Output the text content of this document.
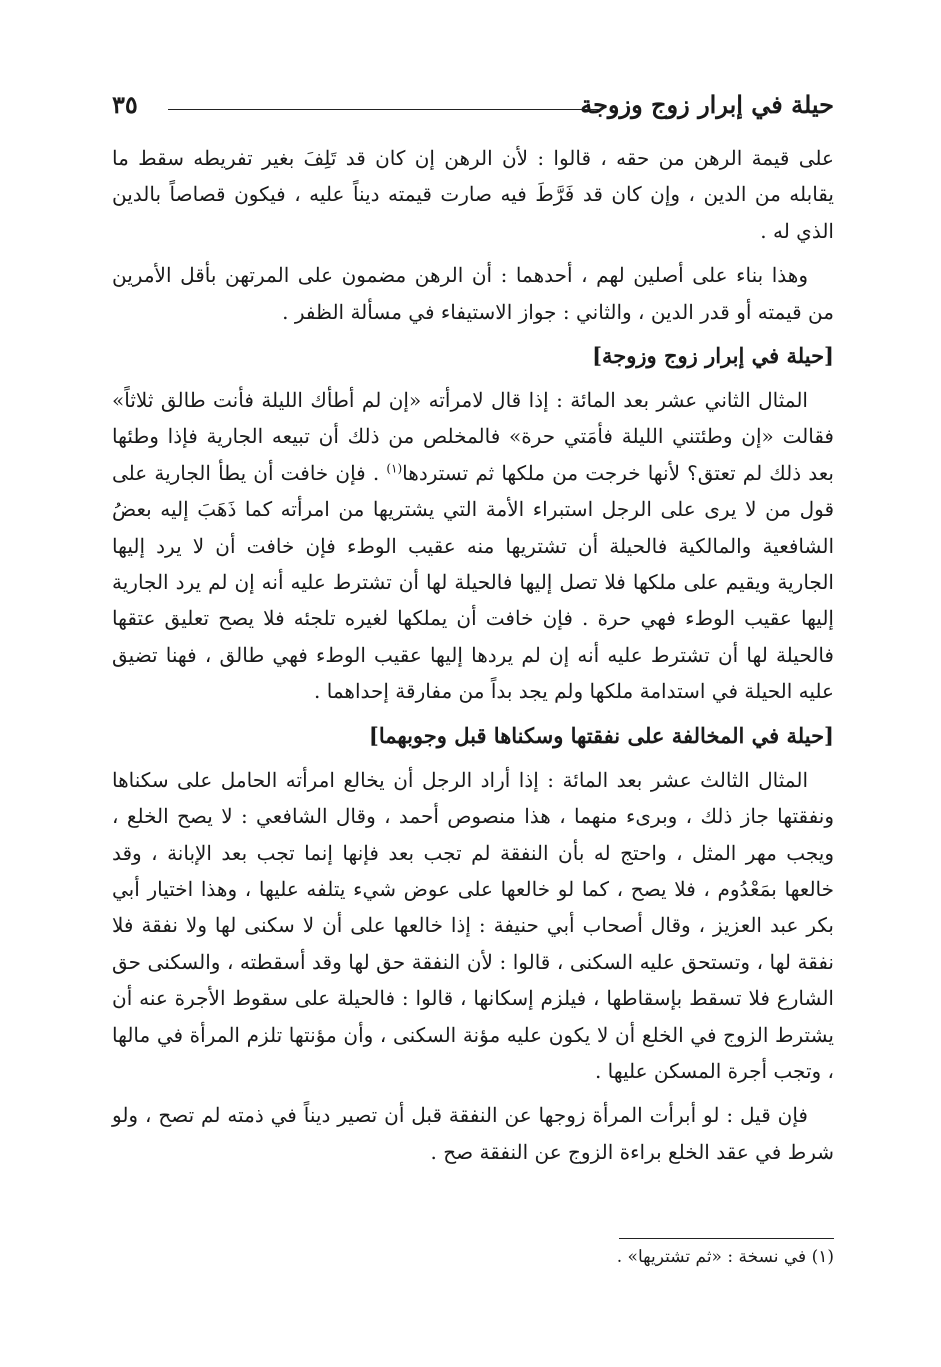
حيلة في إبرار زوج وزوجة
٣٥

على قيمة الرهن من حقه ، قالوا : لأن الرهن إن كان قد تَلِفَ بغير تفريطه سقط ما يقابله من الدين ، وإن كان قد فَرَّطَ فيه صارت قيمته ديناً عليه ، فيكون قصاصاً بالدين الذي له .

وهذا بناء على أصلين لهم ، أحدهما : أن الرهن مضمون على المرتهن بأقل الأمرين من قيمته أو قدر الدين ، والثاني : جواز الاستيفاء في مسألة الظفر .

[حيلة في إبرار زوج وزوجة]

المثال الثاني عشر بعد المائة : إذا قال لامرأته «إن لم أطأك الليلة فأنت طالق ثلاثاً» فقالت «إن وطئتني الليلة فأمَتي حرة» فالمخلص من ذلك أن تبيعه الجارية فإذا وطئها بعد ذلك لم تعتق؟ لأنها خرجت من ملكها ثم تستردها$^{(١)}$ . فإن خافت أن يطأ الجارية على قول من لا يرى على الرجل استبراء الأمة التي يشتريها من امرأته كما ذَهَبَ إليه بعضُ الشافعية والمالكية فالحيلة أن تشتريها منه عقيب الوطء فإن خافت أن لا يرد إليها الجارية ويقيم على ملكها فلا تصل إليها فالحيلة لها أن تشترط عليه أنه إن لم يرد الجارية إليها عقيب الوطء فهي حرة . فإن خافت أن يملكها لغيره تلجئه فلا يصح تعليق عتقها فالحيلة لها أن تشترط عليه أنه إن لم يردها إليها عقيب الوطء فهي طالق ، فهنا تضيق عليه الحيلة في استدامة ملكها ولم يجد بداً من مفارقة إحداهما .

[حيلة في المخالفة على نفقتها وسكناها قبل وجوبهما]

المثال الثالث عشر بعد المائة : إذا أراد الرجل أن يخالع امرأته الحامل على سكناها ونفقتها جاز ذلك ، وبرىء منهما ، هذا منصوص أحمد ، وقال الشافعي : لا يصح الخلع ، ويجب مهر المثل ، واحتج له بأن النفقة لم تجب بعد فإنها إنما تجب بعد الإبانة ، وقد خالعها بمَعْدُوم ، فلا يصح ، كما لو خالعها على عوض شيء يتلفه عليها ، وهذا اختيار أبي بكر عبد العزيز ، وقال أصحاب أبي حنيفة : إذا خالعها على أن لا سكنى لها ولا نفقة فلا نفقة لها ، وتستحق عليه السكنى ، قالوا : لأن النفقة حق لها وقد أسقطته ، والسكنى حق الشارع فلا تسقط بإسقاطها ، فيلزم إسكانها ، قالوا : فالحيلة على سقوط الأجرة عنه أن يشترط الزوج في الخلع أن لا يكون عليه مؤنة السكنى ، وأن مؤنتها تلزم المرأة في مالها ، وتجب أجرة المسكن عليها .

فإن قيل : لو أبرأت المرأة زوجها عن النفقة قبل أن تصير ديناً في ذمته لم تصح ، ولو شرط في عقد الخلع براءة الزوج عن النفقة صح .

(١) في نسخة : «ثم تشتريها» .
